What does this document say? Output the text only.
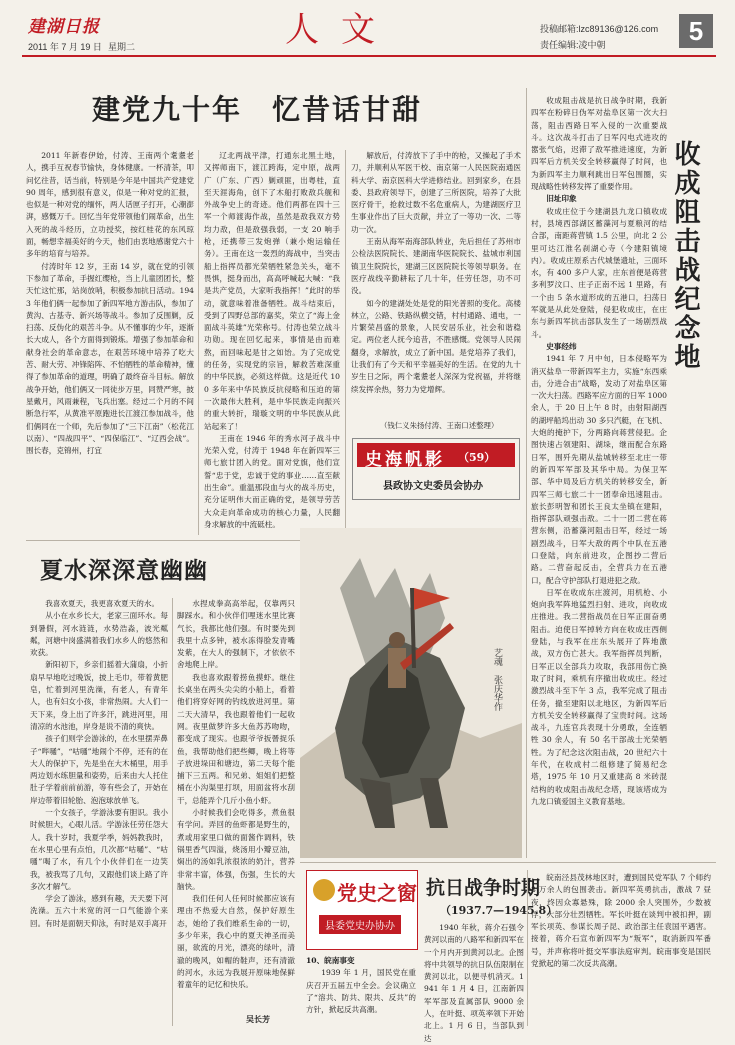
建湖日报
2011 年 7 月 19 日 星期二	人文	投稿邮箱:lzc89136@126.com
责任编辑:凌中朝	5
建党九十年　忆昔话甘甜

2011 年新春伊始，付涛、王南两个耄耋老人，携手互祝春节愉快，身体健康。一杯清茶，叩问忆往昔，话当前，特别是今年是中国共产党建党 90 周年，感到很有意义，似是一种对党的汇报，也似是一种对党的缅怀，两人话匣子打开，心潮澎湃，感慨万千。回忆当年党带领他们闹革命，出生入死的战斗经历，立功授奖，按红桂花的东风琼面，畅想幸福美好的今天，他们由衷地感谢党六十多年的培育与培养。

付涛时年 12 岁，王南 14 岁，就在党的引领下参加了革命，手握红缨枪，当上儿童团团长，整天忙这忙那，站岗放哨，积极参加抗日活动。1943 年他们俩一起参加了新四军地方游击队，参加了黄沟、古基寺、新兴场等战斗。参加了反围剿，反扫荡、反伪化的艰苦斗争。从不懂事的少年，逐渐长大成人，各个方面得到锻炼。增强了参加革命和献身社会的革命意志，在艰苦环境中培养了吃大苦、耐大劳、冲锋陷阵、不怕牺牲的革命精神，懂得了参加革命的道理，明确了最终奋斗目标。解放战争开始，他们俩又一同徒步万里，同赞严寒，披星戴月，风雨兼程，飞兵出塞。经过二个月的不间断急行军，从黄准平原跑进长江渡江参加战斗，他们俩同在一个师，先后参加了“三下江南”（松花江以南）、“四战四平”、“四保临江”、“辽西会战”。围长春，克锦州，打宜

辽北两战平津，打通东北黑土地，又挥师南下，渡江跨海，定中原，战两广（广东、广西）剿顽匪，出粤桂，直至天涯海角，创下了木船打败敌兵舰和外战争史上的奇迹。他们两都在四十三军一个师渡海作战，虽然是敌我双方势均力敌，但是敌强我弱，一支 20 响手枪，还携带三发炮弹（兼小炮运输任务）。王南在这一轰烈的海战中，当突击船上指挥员都光荣牺牲紧急关头，毫不畏惧，挺身而出，高高呼喊起大喊：“我是共产党员，大家听我指挥！”此时的举动，就意味着准备牺牲。战斗结束后，受到了四野总部的嘉奖，荣立了“海上金面战斗英雄”光荣称号。付涛也荣立战斗功勋。现在回忆起来，事情是由而难熬，而回味起是甘之如饴。为了完成党的任务，实现党的宗旨，解救苦难深重的中华民族，必须这样做。这是近代 100 多年来中华民族反抗侵略和压迫的第一次最伟大胜利，是中华民族走向振兴的重大转折，瑞璇文明的中华民族从此站起来了！

王南在 1946 年的秀水河子战斗中光荣入党，付涛于 1948 年在新四军三师七旅廿团入的党。面对党旗，他们宣誓“忠于党，忠诚于党的事业……直至献出生命”。重温那段血与火的战斗历史，充分证明伟大而正确的党，是领导劳苦大众走向革命成功的核心力量，人民翻身求解放的中流砥柱。

解放后，付涛放下了手中的枪，又操起了手术刀，并顺利从军医干校、南京第一人民医院南通医科大学、南京医科大学进修结业。回到家乡，在县委、县政府领导下，创建了三所医院，培养了大批医疗骨干，抢救过数不名危重病人，为建湖医疗卫生事业作出了巨大贡献，并立了一等功一次、二等功一次。

王南从海军南海部队转业，先后担任了苏州市公检法医院院长、建湖南华医院院长、盐城市利国镇卫生院院长，建湖三区医院院长等领导职务。在医疗战线辛勤耕耘了几十年，任劳任怨，功不可没。

如今的建湖处处是党的阳光普照的变化。高楼林立，公路、铁路纵横交错，村村通路、通电，一片繁荣昌盛的景象，人民安居乐业，社会和谐稳定。两位老人抚今追昔，不胜感慨。党领导人民闹翻身，求解放，成立了新中国。是党培养了我们，让我们有了今天和平幸福美好的生活。在党的九十岁生日之际，两个耄耋老人深深为党祝福，并将继续发挥余热，努力为党增辉。

（钱仁义朱扬付涛、王南口述整理）
史海帆影 （59）
县政协文史委员会协办
夏水深深意幽幽

我喜欢夏天，我更喜欢夏天的水。

从小在水乡长大，老家三面环水。每到暑假，河水涟涟，水势浩淼，波光粼粼，河塘中岗盛满着我们水乡人的悠然和欢获。

新阳初下，乡亲们摇着大蒲扇，小折扇早早地吃过晚饭，披上毛巾，带着黄肥皂，忙着到河里洗澡，有老人，有青年人，也有妇女小孩，非常热闹。大人们一天下来，身上出了许多汗，跳进河里，用清凉的水池池，岸身是说不清的爽快。

孩子们则学会游泳的，在水里摆弄鼻子“哔嗵”，“咕嗵”地闹个不停，还有的在大人的保护下，先是坐在大木桶里，用手两边划水练胆量和姿势，后来由大人托住肚子学着前前前游，等有些会了，开始在岸边带着旧轮胎、泡泡球放单飞。

一个女孩子，学游泳要有胆识。我小时候胆大，心眼儿活。学游泳任劳任怨大人。我十岁时，我夏学季，妈妈教我时，在水里心里有点怕，几次都“咕嗵”、“咕嗵”喝了水，有几个小伙伴们在一边笑我，被我骂了几句，又跟他们谈上路了许多次才解气。

学会了游泳，感到有趣，天天要下河洗澡。五六十米宽的河一口气能游个来回。有时是面朝天仰泳，有时是双手离开

水捏成拳高高举起，仅靠两只脚踩水。和小伙伴们哩迷水里比赛气长，我都比他们强。有时要先到我里十点多钟，被水冻得脸发青嘴发紫，在大人的强制下，才依依不舍地爬上岸。

我也喜欢跟着捞鱼摸虾。继住长桌坐在两头尖尖的小船上，看着他们将穿好网的钓线放进河里。第二天大清早，我也跟着他们一起收网。夜里做梦许多大鱼苏苏吻吻，都变成了现实。也跟爷爷扳罾捉乐鱼，我帮助他们把些鲫，晚上将等子放进垛田和塘边，第二天每个能捕下三五两。和兄弟、姐姐们把整桶在小沟渠里打坝，用面盆将水刮干，总能弄个几斤小鱼小虾。

小时候我们会吃得多，煮鱼很有学问。弄回的鱼虾都是野生的，煮或用家里口做的面酱作调料，铁锅里香气四溢，烧汤用小瓣豆油，焖出的汤如乳浓很浓的奶汁，营养非常丰富，体强，伤强，生长的大脑快。

我们任何人任何时候都应该有理由不热爱大自然，保护好原生态，她给了我们维系生命的一切，多少年来，我心中的夏天神圣而美丽，欲流的月光，漂亮的绿叶，清澈的晚风，如帽的鞋声，还有清澈的河水，永远为我展开原味地保鲜着童年的记忆和快乐。

吴长芳
艺魂　张庆华作

收成阻击战是抗日战争时期，我新四军在粉碎日伪军对盐阜区第一次大扫荡，阻击西路日军入侵的一次重要战斗。这次战斗打击了日军闪电式进攻的嚣张气焰，迟滞了敌军推进速度，为新四军后方机关安全转移赢得了时间，也为新四军主力顺利跳出日军包围圈，实现战略性转移发挥了重要作用。

旧址印象

收成庄位于今建湖县九龙口镇收成村，县境西部湖区蓄藻河与夏粮河的结合部，南距蒋营镇 1.5 公里，向北 2 公里可达江淮名刹湖心寺（今建阳镇境内）。收成庄原系古代城堡遗址，三面环水，有 400 多户人家，庄东首便是蒋营多利罗汶口、庄子正南不远 1 里路，有一个由 5 条水道形成的五港口，扫荡日军就是从此处登陆，侵犯收成庄，在庄东与新四军抗击部队发生了一场剧烈战斗。

史事经纬

1941 年 7 月中旬，日本侵略军为消灭盐阜一带新四军主力，实施“东西乘击，分进合击”战略，发动了对盐阜区第一次大扫荡。西路军应方面的日军 1000 余人，于 20 日上午 8 时，由射阳湖西的湖坪船坞出动 30 多只汽艇，在飞机、大炮的掩护下，分两路向蒋营侵犯。企图快速占领建阳、湖垛，继而配合东路日军，围歼先期从盐城转移至北庄一带的新四军军部及其华中局。为保卫军部、华中局及后方机关的转移安全，新四军三师七旅二十一团奉命迅速阻击。旅长彭明智和团长王良太坐镇在建阳，指挥部队顽强击敌。二十一团二营在蒋营东侧，沿蓄藻河阻击日军，经过一场剧烈战斗，日军大敌的两个中队在五港口登陆，向东前进攻，企图抄二营后路。二营奋起反击，全营兵力在五港口，配合守护部队打退进犯之敌。

日军在收成东庄渡河，用机枪、小炮向我军阵地猛烈扫射、进攻，向收成庄推进。我二营指战员在日军正面奋勇阻击。迫使日军掉转方向在收成庄西侧登陆，与我军在庄东头展开了阵地激战，双方伤亡甚大。我军指挥员判断，日军正以全部兵力攻取，我部用伤亡换取了时间，乘机有序撤出收成庄。经过激烈战斗至下午 3 点，我军完成了阻击任务，撤至建阳以北地区，为新四军后方机关安全转移赢得了宝贵时间。这场战斗，九连官兵表现十分勇敢，全连牺牲 30 余人，有 50 名干部战士光荣牺牲。为了纪念这次阻击战，20 世纪六十年代，在收成村二组修建了简易纪念塔，1975 年 10 月又重建高 8 米砖混结构的收成阻击战纪念塔，现该塔成为九龙口镇爱国主义教育基地。

收成阻击战纪念地
党史之窗
县委党史办协办

10、皖南事变

1939 年 1 月，国民党在重庆召开五届五中全会。会议确立了“溶共、防共、限共、反共”的方针，掀起反共高潮。

抗日战争时期
（1937.7—1945.8）

1940 年秋，蒋介石强令黄河以南的八路军和新四军在一个月内开到黄河以北。企图将中共领导的抗日队伍限制在黄河以北，以便寻机消灭。1941 年 1 月 4 日，江南新四军军部及直属部队 9000 余人，在叶挺、项英率领下开始北上。1 月 6 日，当部队到达

皖南泾县茂林地区时，遭到国民党军队 7 个师约 8 万余人的包围袭击。新四军英勇抗击，激战 7 昼夜，终因众寡悬殊，除 2000 余人突围外，少数被俘，大部分壮烈牺牲。军长叶挺在谈判中被扣押，副军长项英、参谋长周子昆、政治部主任袁国平遇害。接着，蒋介石宣布新四军为“叛军”，取消新四军番号，并声称将叶挺交军事法庭审判。皖南事变是国民党掀起的第二次反共高潮。
